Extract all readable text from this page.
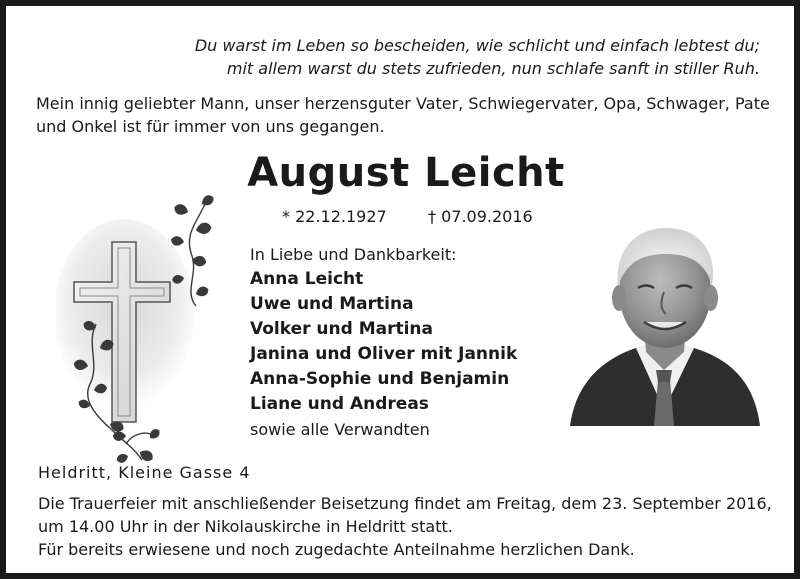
Du warst im Leben so bescheiden, wie schlicht und einfach lebtest du;
mit allem warst du stets zufrieden, nun schlafe sanft in stiller Ruh.
Mein innig geliebter Mann, unser herzensguter Vater, Schwiegervater, Opa, Schwager, Pate
und Onkel ist für immer von uns gegangen.
August Leicht
* 22.12.1927	† 07.09.2016
In Liebe und Dankbarkeit:
Anna Leicht
Uwe und Martina
Volker und Martina
Janina und Oliver mit Jannik
Anna-Sophie und Benjamin
Liane und Andreas
sowie alle Verwandten
Heldritt, Kleine Gasse 4
Die Trauerfeier mit anschließender Beisetzung findet am Freitag, dem 23. September 2016,
um 14.00 Uhr in der Nikolauskirche in Heldritt statt.
Für bereits erwiesene und noch zugedachte Anteilnahme herzlichen Dank.
